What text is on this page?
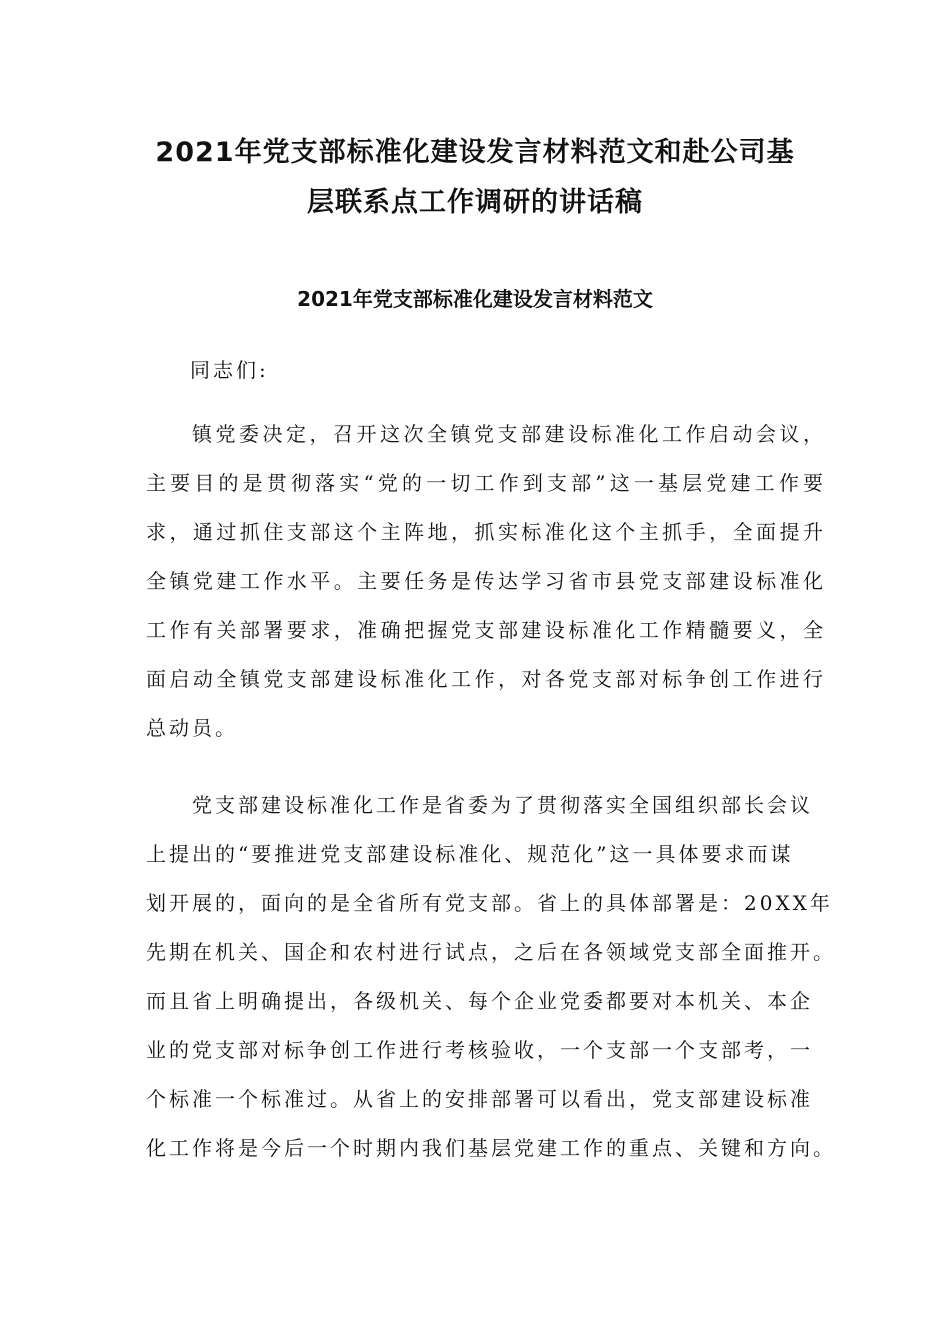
2021年党支部标准化建设发言材料范文和赴公司基
层联系点工作调研的讲话稿
2021年党支部标准化建设发言材料范文

同志们:

镇党委决定，召开这次全镇党支部建设标准化工作启动会议，主要目的是贯彻落实“党的一切工作到支部”这一基层党建工作要求，通过抓住支部这个主阵地，抓实标准化这个主抓手，全面提升全镇党建工作水平。主要任务是传达学习省市县党支部建设标准化工作有关部署要求，准确把握党支部建设标准化工作精髓要义，全面启动全镇党支部建设标准化工作，对各党支部对标争创工作进行总动员。

党支部建设标准化工作是省委为了贯彻落实全国组织部长会议
上提出的“要推进党支部建设标准化、规范化”这一具体要求而谋
划开展的，面向的是全省所有党支部。省上的具体部署是：20XX年
先期在机关、国企和农村进行试点，之后在各领域党支部全面推开。
而且省上明确提出，各级机关、每个企业党委都要对本机关、本企
业的党支部对标争创工作进行考核验收，一个支部一个支部考，一
个标准一个标准过。从省上的安排部署可以看出，党支部建设标准
化工作将是今后一个时期内我们基层党建工作的重点、关键和方向。
